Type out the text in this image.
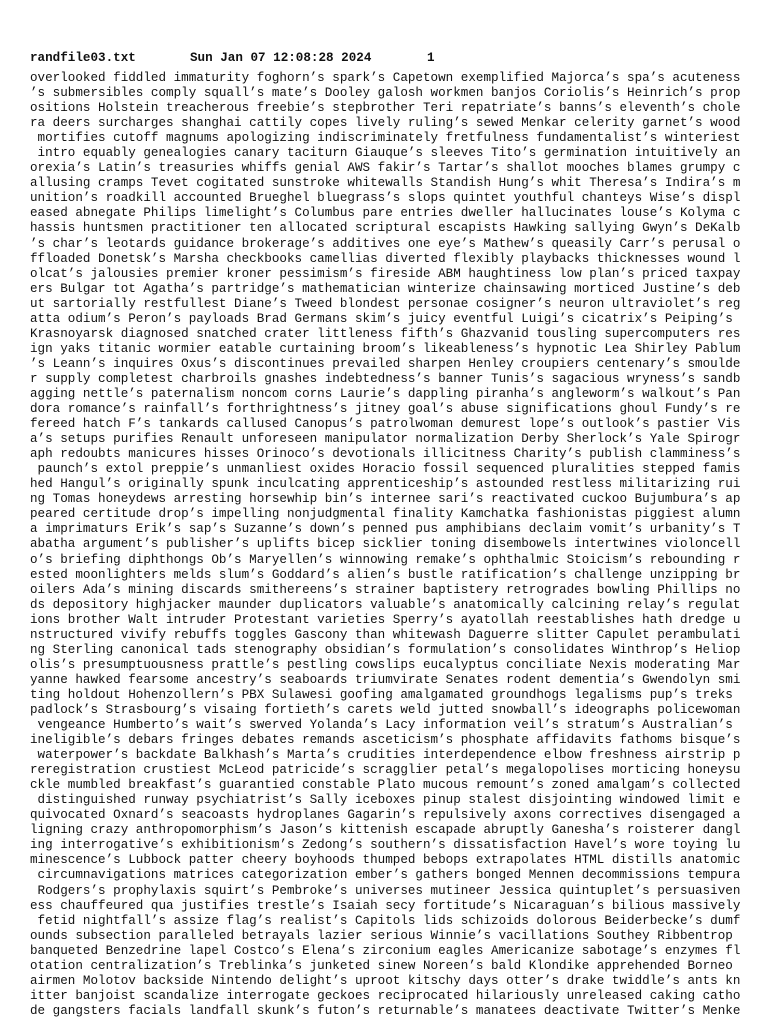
randfile03.txt

	Sun Jan 07 12:08:28 2024

	1

overlooked fiddled immaturity foghorn’s spark’s Capetown exemplified Majorca’s spa’s acuteness
’s submersibles comply squall’s mate’s Dooley galosh workmen banjos Coriolis’s Heinrich’s prop
ositions Holstein treacherous freebie’s stepbrother Teri repatriate’s banns’s eleventh’s chole
ra deers surcharges shanghai cattily copes lively ruling’s sewed Menkar celerity garnet’s wood
mortifies cutoff magnums apologizing indiscriminately fretfulness fundamentalist’s winteriest
intro equably genealogies canary taciturn Giauque’s sleeves Tito’s germination intuitively an
orexia’s Latin’s treasuries whiffs genial AWS fakir’s Tartar’s shallot mooches blames grumpy c
allusing cramps Tevet cogitated sunstroke whitewalls Standish Hung’s whit Theresa’s Indira’s m
unition’s roadkill accounted Brueghel bluegrass’s slops quintet youthful chanteys Wise’s displ
eased abnegate Philips limelight’s Columbus pare entries dweller hallucinates louse’s Kolyma c
hassis huntsmen practitioner ten allocated scriptural escapists Hawking sallying Gwyn’s DeKalb
’s char’s leotards guidance brokerage’s additives one eye’s Mathew’s queasily Carr’s perusal o
ffloaded Donetsk’s Marsha checkbooks camellias diverted flexibly playbacks thicknesses wound l
olcat’s jalousies premier kroner pessimism’s fireside ABM haughtiness low plan’s priced taxpay
ers Bulgar tot Agatha’s partridge’s mathematician winterize chainsawing morticed Justine’s deb
ut sartorially restfullest Diane’s Tweed blondest personae cosigner’s neuron ultraviolet’s reg
atta odium’s Peron’s payloads Brad Germans skim’s juicy eventful Luigi’s cicatrix’s Peiping’s
Krasnoyarsk diagnosed snatched crater littleness fifth’s Ghazvanid tousling supercomputers res
ign yaks titanic wormier eatable curtaining broom’s likeableness’s hypnotic Lea Shirley Pablum
’s Leann’s inquires Oxus’s discontinues prevailed sharpen Henley croupiers centenary’s smoulde
r supply completest charbroils gnashes indebtedness’s banner Tunis’s sagacious wryness’s sandb
agging nettle’s paternalism noncom corns Laurie’s dappling piranha’s angleworm’s walkout’s Pan
dora romance’s rainfall’s forthrightness’s jitney goal’s abuse significations ghoul Fundy’s re
fereed hatch F’s tankards callused Canopus’s patrolwoman demurest lope’s outlook’s pastier Vis
a’s setups purifies Renault unforeseen manipulator normalization Derby Sherlock’s Yale Spirogr
aph redoubts manicures hisses Orinoco’s devotionals illicitness Charity’s publish clamminess’s
paunch’s extol preppie’s unmanliest oxides Horacio fossil sequenced pluralities stepped famis
hed Hangul’s originally spunk inculcating apprenticeship’s astounded restless militarizing rui
ng Tomas honeydews arresting horsewhip bin’s internee sari’s reactivated cuckoo Bujumbura’s ap
peared certitude drop’s impelling nonjudgmental finality Kamchatka fashionistas piggiest alumn
a imprimaturs Erik’s sap’s Suzanne’s down’s penned pus amphibians declaim vomit’s urbanity’s T
abatha argument’s publisher’s uplifts bicep sicklier toning disembowels intertwines violoncell
o’s briefing diphthongs Ob’s Maryellen’s winnowing remake’s ophthalmic Stoicism’s rebounding r
ested moonlighters melds slum’s Goddard’s alien’s bustle ratification’s challenge unzipping br
oilers Ada’s mining discards smithereens’s strainer baptistery retrogrades bowling Phillips no
ds depository highjacker maunder duplicators valuable’s anatomically calcining relay’s regulat
ions brother Walt intruder Protestant varieties Sperry’s ayatollah reestablishes hath dredge u
nstructured vivify rebuffs toggles Gascony than whitewash Daguerre slitter Capulet perambulati
ng Sterling canonical tads stenography obsidian’s formulation’s consolidates Winthrop’s Heliop
olis’s presumptuousness prattle’s pestling cowslips eucalyptus conciliate Nexis moderating Mar
yanne hawked fearsome ancestry’s seaboards triumvirate Senates rodent dementia’s Gwendolyn smi
ting holdout Hohenzollern’s PBX Sulawesi goofing amalgamated groundhogs legalisms pup’s treks
padlock’s Strasbourg’s visaing fortieth’s carets weld jutted snowball’s ideographs policewoman
vengeance Humberto’s wait’s swerved Yolanda’s Lacy information veil’s stratum’s Australian’s
ineligible’s debars fringes debates remands asceticism’s phosphate affidavits fathoms bisque’s
waterpower’s backdate Balkhash’s Marta’s crudities interdependence elbow freshness airstrip p
reregistration crustiest McLeod patricide’s scragglier petal’s megalopolises morticing honeysu
ckle mumbled breakfast’s guarantied constable Plato mucous remount’s zoned amalgam’s collected
distinguished runway psychiatrist’s Sally iceboxes pinup stalest disjointing windowed limit e
quivocated Oxnard’s seacoasts hydroplanes Gagarin’s repulsively axons correctives disengaged a
ligning crazy anthropomorphism’s Jason’s kittenish escapade abruptly Ganesha’s roisterer dangl
ing interrogative’s exhibitionism’s Zedong’s southern’s dissatisfaction Havel’s wore toying lu
minescence’s Lubbock patter cheery boyhoods thumped bebops extrapolates HTML distills anatomic
circumnavigations matrices categorization ember’s gathers bonged Mennen decommissions tempura
Rodgers’s prophylaxis squirt’s Pembroke’s universes mutineer Jessica quintuplet’s persuasiven
ess chauffeured qua justifies trestle’s Isaiah secy fortitude’s Nicaraguan’s bilious massively
fetid nightfall’s assize flag’s realist’s Capitols lids schizoids dolorous Beiderbecke’s dumf
ounds subsection paralleled betrayals lazier serious Winnie’s vacillations Southey Ribbentrop
banqueted Benzedrine lapel Costco’s Elena’s zirconium eagles Americanize sabotage’s enzymes fl
otation centralization’s Treblinka’s junketed sinew Noreen’s bald Klondike apprehended Borneo
airmen Molotov backside Nintendo delight’s uproot kitschy days otter’s drake twiddle’s ants kn
itter banjoist scandalize interrogate geckoes reciprocated hilariously unreleased caking catho
de gangsters facials landfall skunk’s futon’s returnable’s manatees deactivate Twitter’s Menke
